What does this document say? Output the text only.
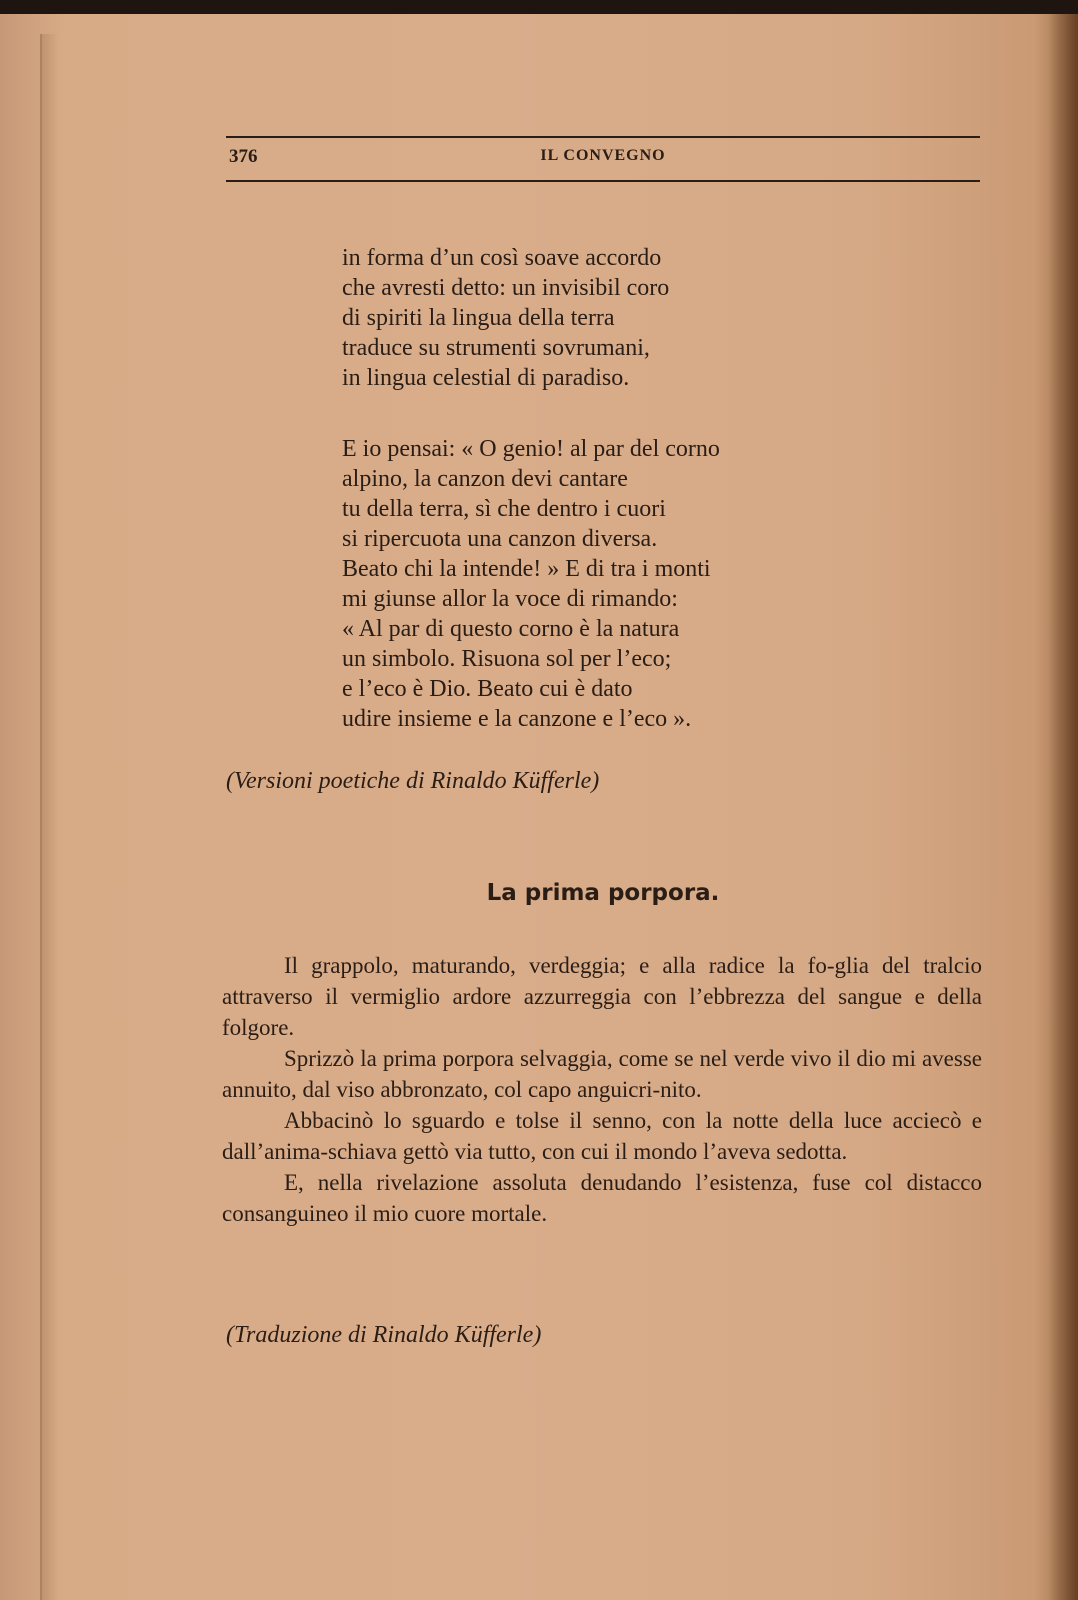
376	IL CONVEGNO
in forma d’un così soave accordo
che avresti detto: un invisibil coro
di spiriti la lingua della terra
traduce su strumenti sovrumani,
in lingua celestial di paradiso.
E io pensai: « O genio! al par del corno
alpino, la canzon devi cantare
tu della terra, sì che dentro i cuori
si ripercuota una canzon diversa.
Beato chi la intende! » E di tra i monti
mi giunse allor la voce di rimando:
« Al par di questo corno è la natura
un simbolo. Risuona sol per l’eco;
e l’eco è Dio. Beato cui è dato
udire insieme e la canzone e l’eco ».
(Versioni poetiche di Rinaldo Küfferle)
La prima porpora.

Il grappolo, maturando, verdeggia; e alla radice la fo-glia del tralcio attraverso il vermiglio ardore azzurreggia con l’ebbrezza del sangue e della folgore.

Sprizzò la prima porpora selvaggia, come se nel verde vivo il dio mi avesse annuito, dal viso abbronzato, col capo anguicri-nito.

Abbacinò lo sguardo e tolse il senno, con la notte della luce acciecò e dall’anima-schiava gettò via tutto, con cui il mondo l’aveva sedotta.

E, nella rivelazione assoluta denudando l’esistenza, fuse col distacco consanguineo il mio cuore mortale.

(Traduzione di Rinaldo Küfferle)
